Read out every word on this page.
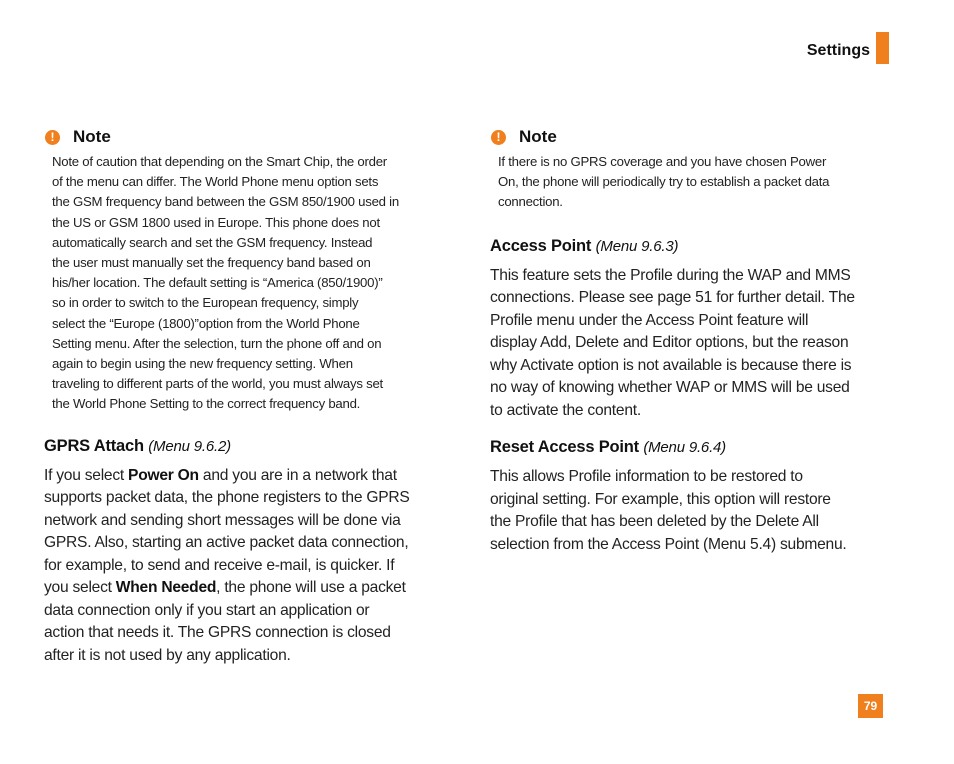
Settings
!	Note
Note of caution that depending on the Smart Chip, the order
of the menu can differ. The World Phone menu option sets
the GSM frequency band between the GSM 850/1900 used in
the US or GSM 1800 used in Europe. This phone does not
automatically search and set the GSM frequency. Instead
the user must manually set the frequency band based on
his/her location. The default setting is “America (850/1900)”
so in order to switch to the European frequency, simply
select the “Europe (1800)”option from the World Phone
Setting menu. After the selection, turn the phone off and on
again to begin using the new frequency setting. When
traveling to different parts of the world, you must always set
the World Phone Setting to the correct frequency band.
GPRS Attach (Menu 9.6.2)
If you select Power On and you are in a network that
supports packet data, the phone registers to the GPRS
network and sending short messages will be done via
GPRS. Also, starting an active packet data connection,
for example, to send and receive e-mail, is quicker. If
you select When Needed, the phone will use a packet
data connection only if you start an application or
action that needs it. The GPRS connection is closed
after it is not used by any application.
!	Note
If there is no GPRS coverage and you have chosen Power
On, the phone will periodically try to establish a packet data
connection.
Access Point (Menu 9.6.3)
This feature sets the Profile during the WAP and MMS
connections. Please see page 51 for further detail. The
Profile menu under the Access Point feature will
display Add, Delete and Editor options, but the reason
why Activate option is not available is because there is
no way of knowing whether WAP or MMS will be used
to activate the content.
Reset Access Point (Menu 9.6.4)
This allows Profile information to be restored to
original setting. For example, this option will restore
the Profile that has been deleted by the Delete All
selection from the Access Point (Menu 5.4) submenu.
79
